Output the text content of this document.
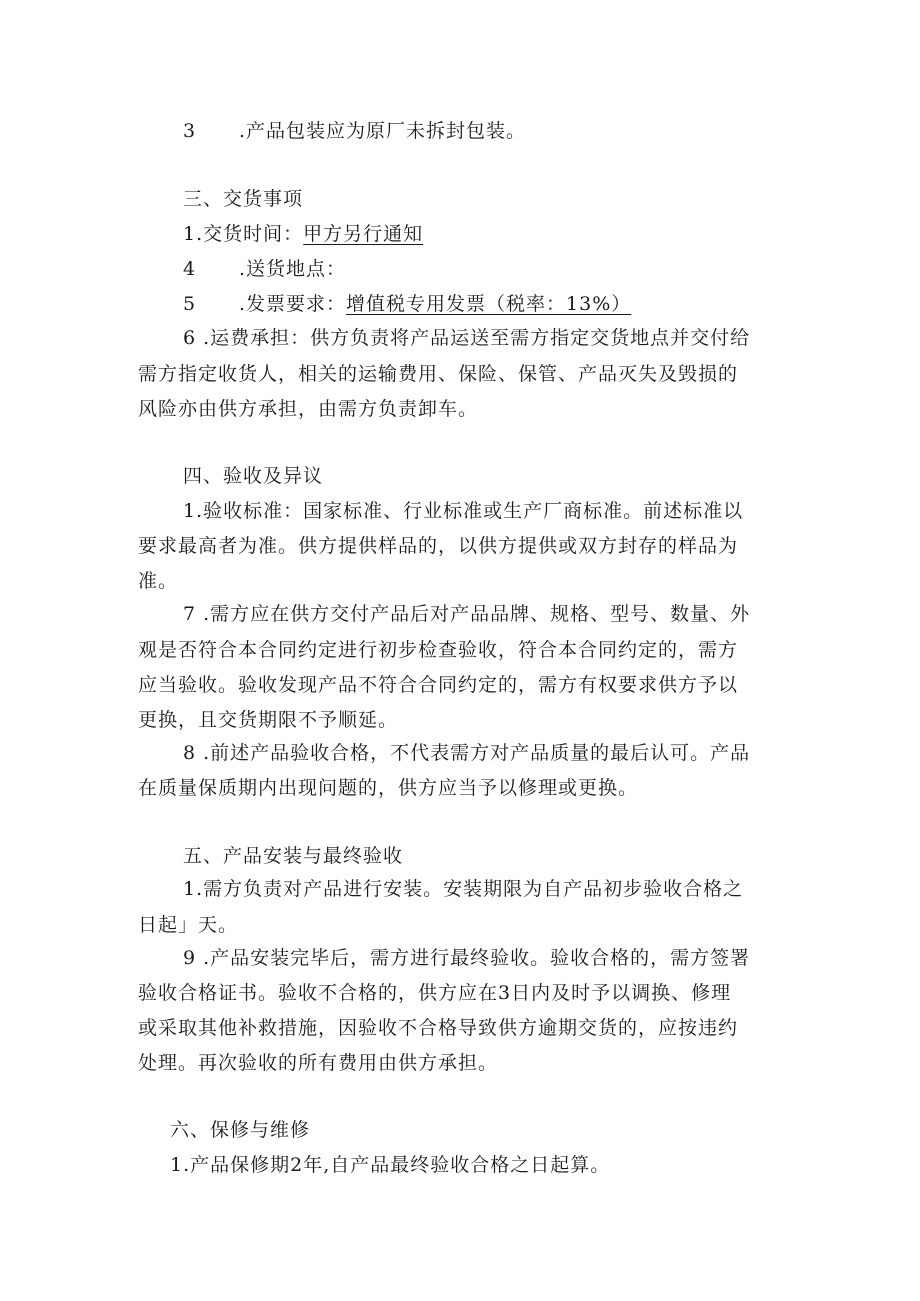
3 .产品包装应为原厂未拆封包装。
三、交货事项
1.交货时间：甲方另行通知
4 .送货地点：
5 .发票要求：增值税专用发票（税率：13%）
6 .运费承担：供方负责将产品运送至需方指定交货地点并交付给
需方指定收货人，相关的运输费用、保险、保管、产品灭失及毁损的
风险亦由供方承担，由需方负责卸车。
四、验收及异议
1.验收标准：国家标准、行业标准或生产厂商标准。前述标准以
要求最高者为准。供方提供样品的，以供方提供或双方封存的样品为
准。
7 .需方应在供方交付产品后对产品品牌、规格、型号、数量、外
观是否符合本合同约定进行初步检查验收，符合本合同约定的，需方
应当验收。验收发现产品不符合合同约定的，需方有权要求供方予以
更换，且交货期限不予顺延。
8 .前述产品验收合格，不代表需方对产品质量的最后认可。产品
在质量保质期内出现问题的，供方应当予以修理或更换。
五、产品安装与最终验收
1.需方负责对产品进行安装。安装期限为自产品初步验收合格之
日起」天。
9 .产品安装完毕后，需方进行最终验收。验收合格的，需方签署
验收合格证书。验收不合格的，供方应在3日内及时予以调换、修理
或采取其他补救措施，因验收不合格导致供方逾期交货的，应按违约
处理。再次验收的所有费用由供方承担。
六、保修与维修
1.产品保修期2年,自产品最终验收合格之日起算。
